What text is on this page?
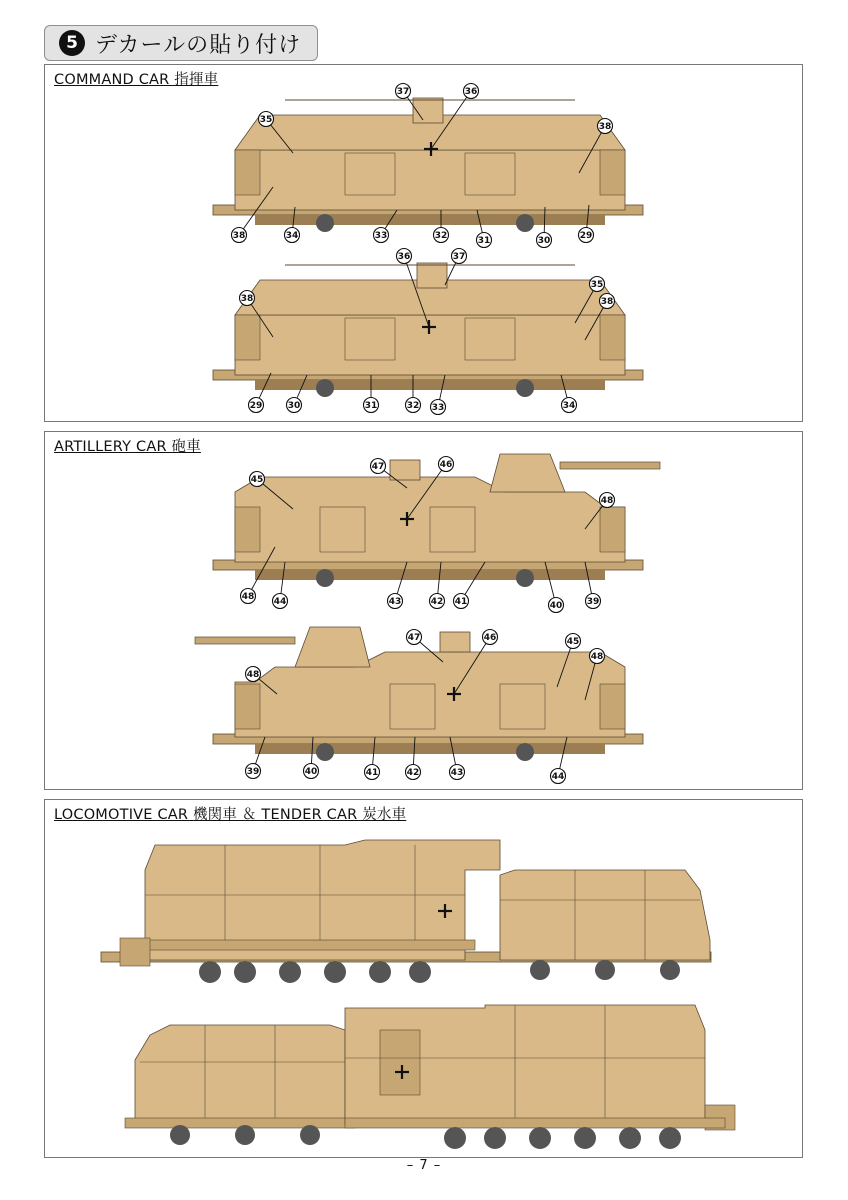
5 デカールの貼り付け
COMMAND CAR 指揮車
35
37	36
38
38	34	33	32	31	30	29
36	37
38
35
38
29	30	31	32 33	34
ARTILLERY CAR 砲車
45
47	46
48
48 44	43	42 41	40	39
47	46	45
48
48
39	40	41	42	43	44
LOCOMOTIVE CAR 機関車 ＆ TENDER CAR 炭水車
– 7 –
